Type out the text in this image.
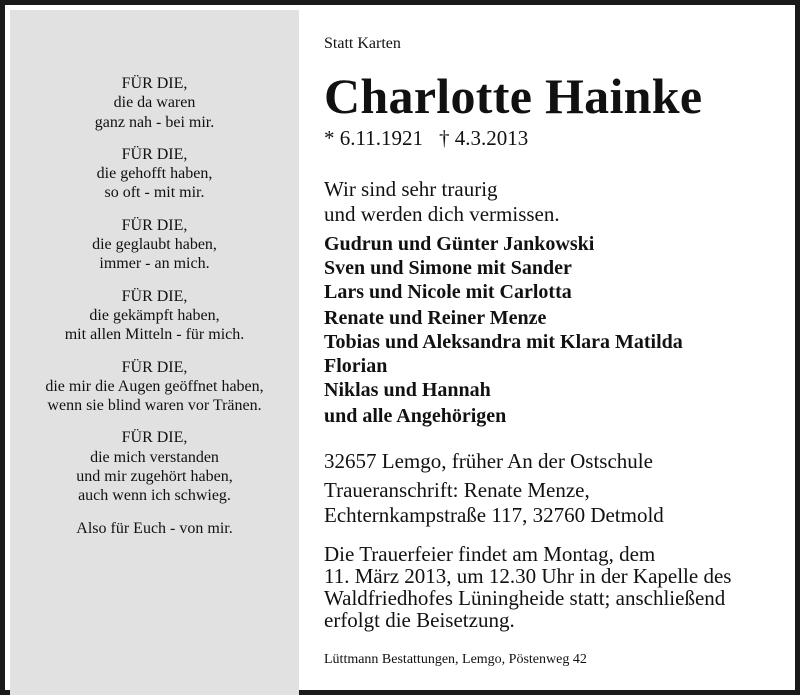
FÜR DIE,
die da waren
ganz nah - bei mir.
FÜR DIE,
die gehofft haben,
so oft - mit mir.
FÜR DIE,
die geglaubt haben,
immer - an mich.
FÜR DIE,
die gekämpft haben,
mit allen Mitteln - für mich.
FÜR DIE,
die mir die Augen geöffnet haben,
wenn sie blind waren vor Tränen.
FÜR DIE,
die mich verstanden
und mir zugehört haben,
auch wenn ich schwieg.
Also für Euch - von mir.
Statt Karten
Charlotte Hainke
* 6.11.1921 † 4.3.2013
Wir sind sehr traurig
und werden dich vermissen.
Gudrun und Günter Jankowski
Sven und Simone mit Sander
Lars und Nicole mit Carlotta
Renate und Reiner Menze
Tobias und Aleksandra mit Klara Matilda
Florian
Niklas und Hannah
und alle Angehörigen
32657 Lemgo, früher An der Ostschule
Traueranschrift: Renate Menze,
Echternkampstraße 117, 32760 Detmold
Die Trauerfeier findet am Montag, dem
11. März 2013, um 12.30 Uhr in der Kapelle des
Waldfriedhofes Lüningheide statt; anschließend
erfolgt die Beisetzung.
Lüttmann Bestattungen, Lemgo, Pöstenweg 42
